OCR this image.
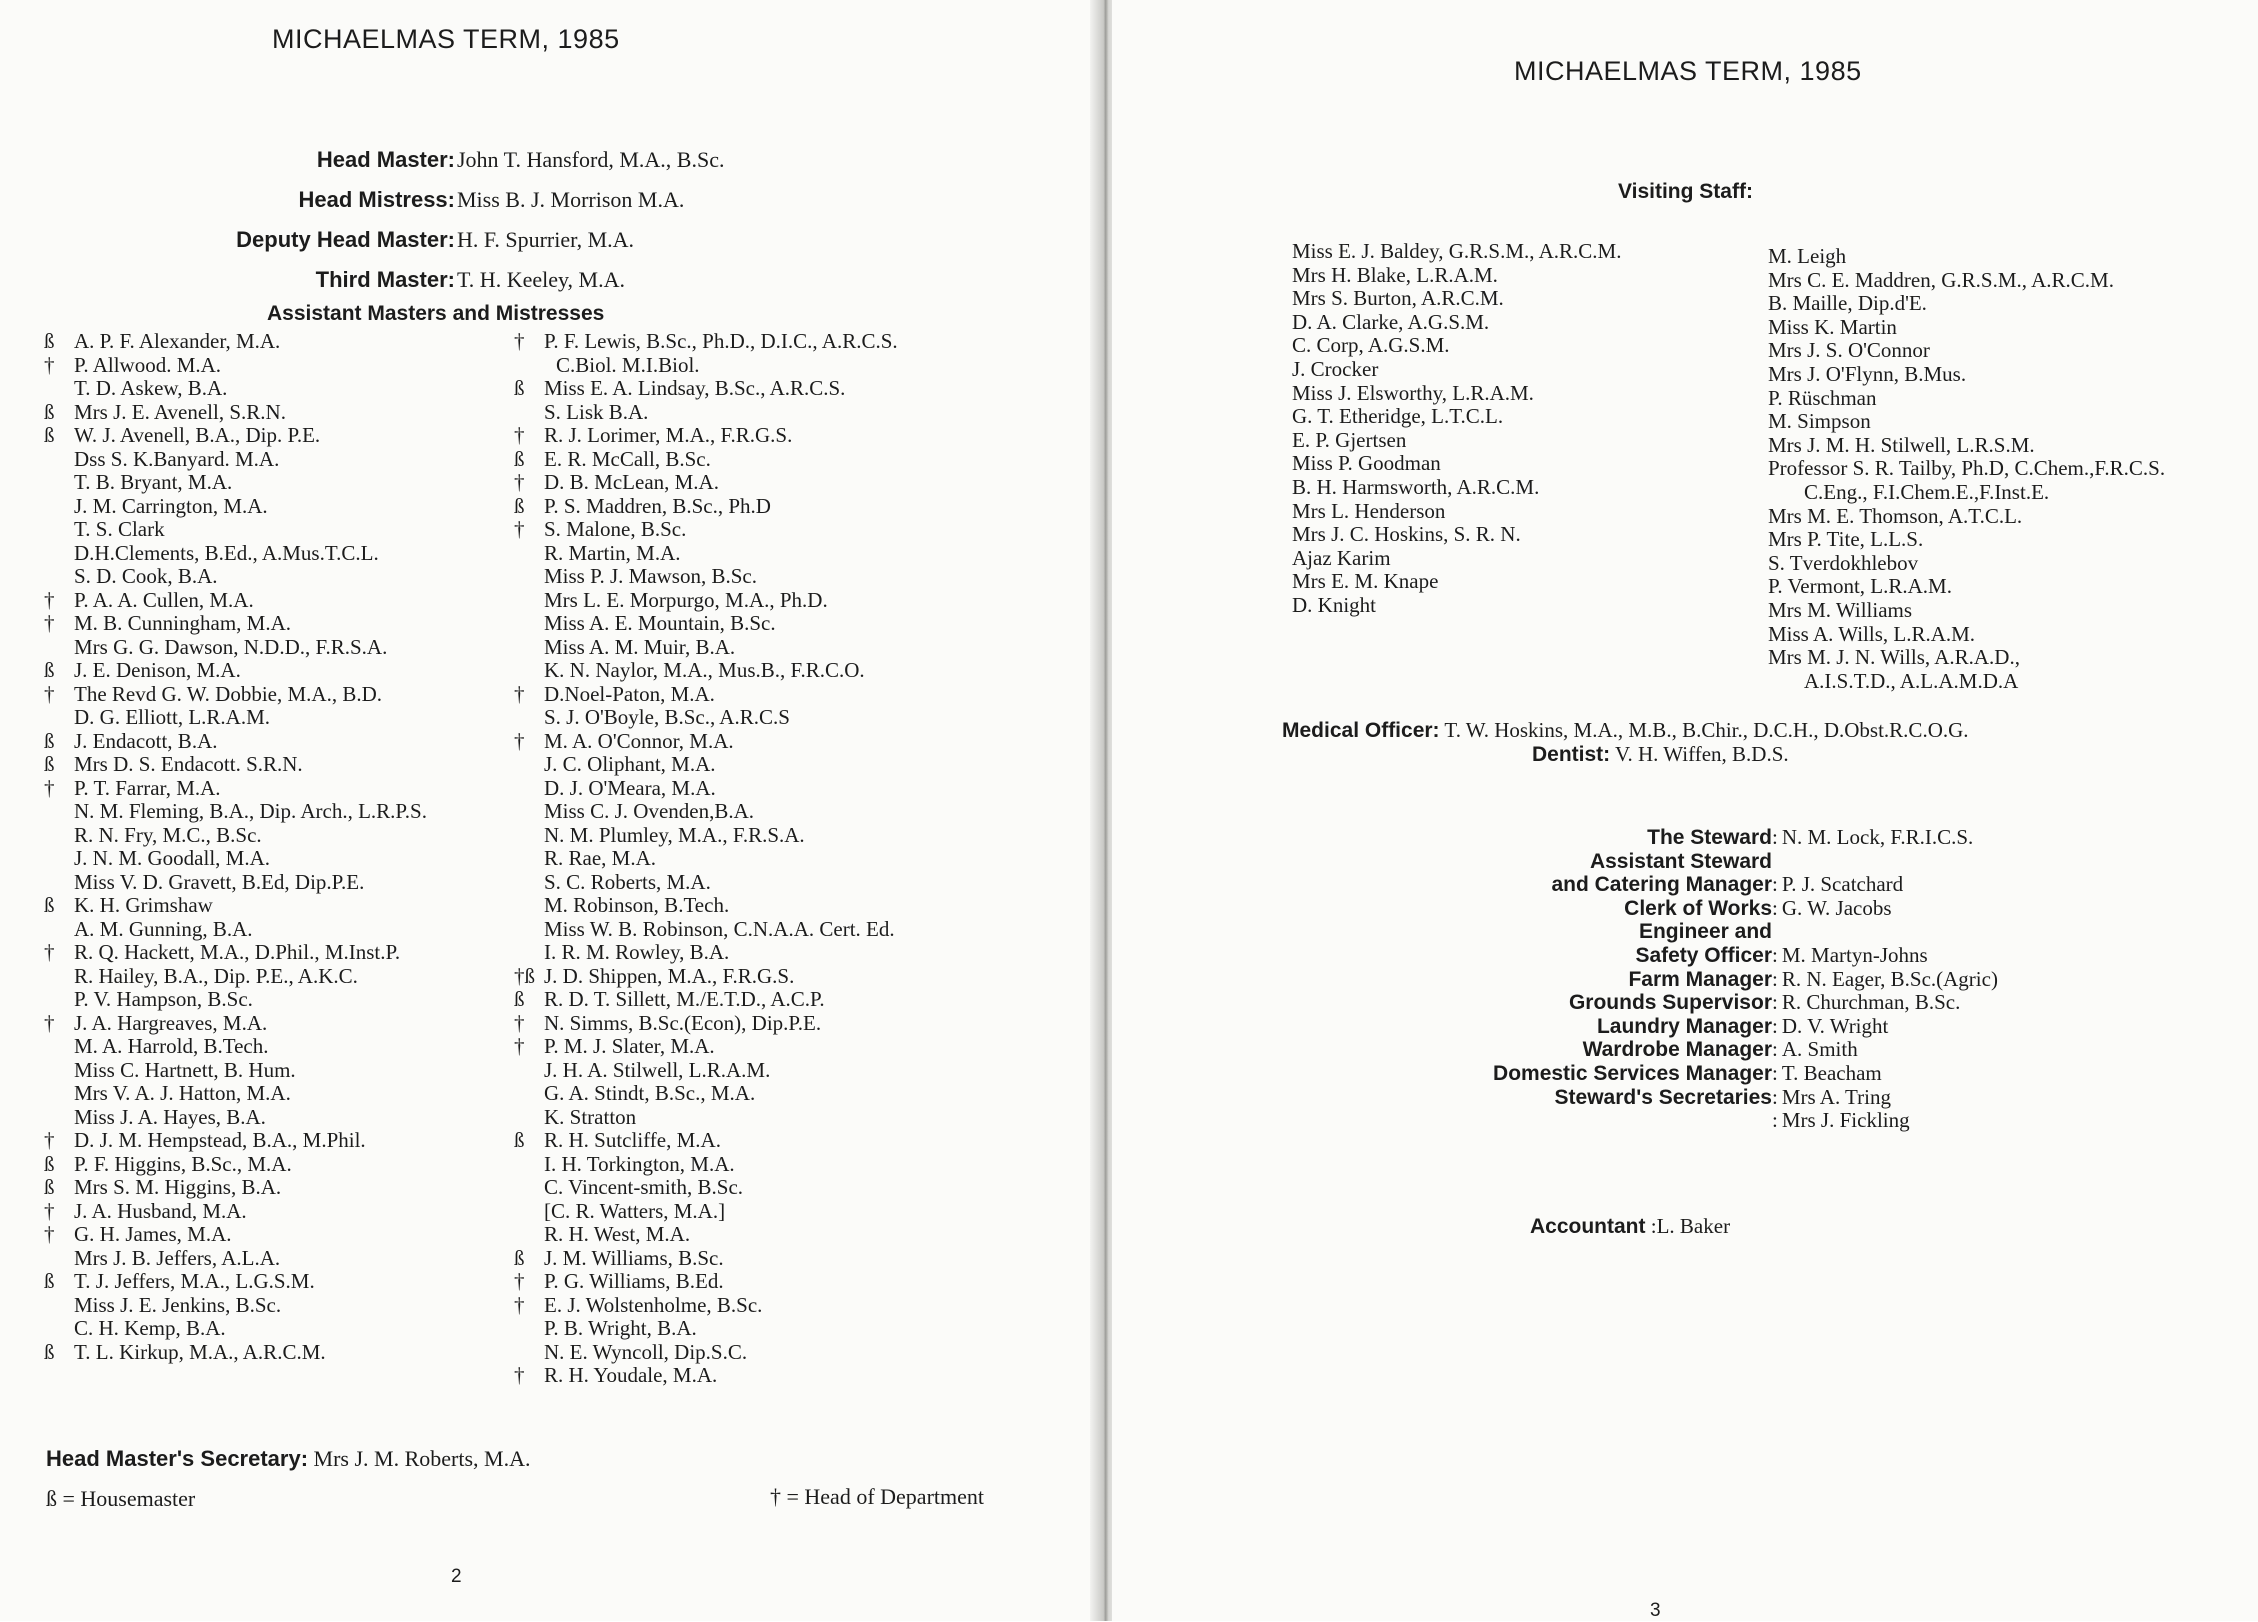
MICHAELMAS TERM, 1985
Head Master: John T. Hansford, M.A., B.Sc.
Head Mistress: Miss B. J. Morrison M.A.
Deputy Head Master: H. F. Spurrier, M.A.
Third Master: T. H. Keeley, M.A.
Assistant Masters and Mistresses
ß A. P. F. Alexander, M.A.
† P. Allwood. M.A.
T. D. Askew, B.A.
ß Mrs J. E. Avenell, S.R.N.
ß W. J. Avenell, B.A., Dip. P.E.
Dss S. K.Banyard. M.A.
T. B. Bryant, M.A.
J. M. Carrington, M.A.
T. S. Clark
D.H.Clements, B.Ed., A.Mus.T.C.L.
S. D. Cook, B.A.
† P. A. A. Cullen, M.A.
† M. B. Cunningham, M.A.
Mrs G. G. Dawson, N.D.D., F.R.S.A.
ß J. E. Denison, M.A.
† The Revd G. W. Dobbie, M.A., B.D.
D. G. Elliott, L.R.A.M.
ß J. Endacott, B.A.
ß Mrs D. S. Endacott. S.R.N.
† P. T. Farrar, M.A.
N. M. Fleming, B.A., Dip. Arch., L.R.P.S.
R. N. Fry, M.C., B.Sc.
J. N. M. Goodall, M.A.
Miss V. D. Gravett, B.Ed, Dip.P.E.
ß K. H. Grimshaw
A. M. Gunning, B.A.
† R. Q. Hackett, M.A., D.Phil., M.Inst.P.
R. Hailey, B.A., Dip. P.E., A.K.C.
P. V. Hampson, B.Sc.
† J. A. Hargreaves, M.A.
M. A. Harrold, B.Tech.
Miss C. Hartnett, B. Hum.
Mrs V. A. J. Hatton, M.A.
Miss J. A. Hayes, B.A.
† D. J. M. Hempstead, B.A., M.Phil.
ß P. F. Higgins, B.Sc., M.A.
ß Mrs S. M. Higgins, B.A.
† J. A. Husband, M.A.
† G. H. James, M.A.
Mrs J. B. Jeffers, A.L.A.
ß T. J. Jeffers, M.A., L.G.S.M.
Miss J. E. Jenkins, B.Sc.
C. H. Kemp, B.A.
ß T. L. Kirkup, M.A., A.R.C.M.
† P. F. Lewis, B.Sc., Ph.D., D.I.C., A.R.C.S.
C.Biol. M.I.Biol.
ß Miss E. A. Lindsay, B.Sc., A.R.C.S.
S. Lisk B.A.
† R. J. Lorimer, M.A., F.R.G.S.
ß E. R. McCall, B.Sc.
† D. B. McLean, M.A.
ß P. S. Maddren, B.Sc., Ph.D
† S. Malone, B.Sc.
R. Martin, M.A.
Miss P. J. Mawson, B.Sc.
Mrs L. E. Morpurgo, M.A., Ph.D.
Miss A. E. Mountain, B.Sc.
Miss A. M. Muir, B.A.
K. N. Naylor, M.A., Mus.B., F.R.C.O.
† D.Noel-Paton, M.A.
S. J. O'Boyle, B.Sc., A.R.C.S
† M. A. O'Connor, M.A.
J. C. Oliphant, M.A.
D. J. O'Meara, M.A.
Miss C. J. Ovenden,B.A.
N. M. Plumley, M.A., F.R.S.A.
R. Rae, M.A.
S. C. Roberts, M.A.
M. Robinson, B.Tech.
Miss W. B. Robinson, C.N.A.A. Cert. Ed.
I. R. M. Rowley, B.A.
†ß J. D. Shippen, M.A., F.R.G.S.
ß R. D. T. Sillett, M./E.T.D., A.C.P.
† N. Simms, B.Sc.(Econ), Dip.P.E.
† P. M. J. Slater, M.A.
J. H. A. Stilwell, L.R.A.M.
G. A. Stindt, B.Sc., M.A.
K. Stratton
ß R. H. Sutcliffe, M.A.
I. H. Torkington, M.A.
C. Vincent-smith, B.Sc.
[C. R. Watters, M.A.]
R. H. West, M.A.
ß J. M. Williams, B.Sc.
† P. G. Williams, B.Ed.
† E. J. Wolstenholme, B.Sc.
P. B. Wright, B.A.
N. E. Wyncoll, Dip.S.C.
† R. H. Youdale, M.A.
Head Master's Secretary: Mrs J. M. Roberts, M.A.
ß = Housemaster	† = Head of Department
2
MICHAELMAS TERM, 1985
Visiting Staff:
Miss E. J. Baldey, G.R.S.M., A.R.C.M.
Mrs H. Blake, L.R.A.M.
Mrs S. Burton, A.R.C.M.
D. A. Clarke, A.G.S.M.
C. Corp, A.G.S.M.
J. Crocker
Miss J. Elsworthy, L.R.A.M.
G. T. Etheridge, L.T.C.L.
E. P. Gjertsen
Miss P. Goodman
B. H. Harmsworth, A.R.C.M.
Mrs L. Henderson
Mrs J. C. Hoskins, S. R. N.
Ajaz Karim
Mrs E. M. Knape
D. Knight
M. Leigh
Mrs C. E. Maddren, G.R.S.M., A.R.C.M.
B. Maille, Dip.d'E.
Miss K. Martin
Mrs J. S. O'Connor
Mrs J. O'Flynn, B.Mus.
P. Rüschman
M. Simpson
Mrs J. M. H. Stilwell, L.R.S.M.
Professor S. R. Tailby, Ph.D, C.Chem.,F.R.C.S.
C.Eng., F.I.Chem.E.,F.Inst.E.
Mrs M. E. Thomson, A.T.C.L.
Mrs P. Tite, L.L.S.
S. Tverdokhlebov
P. Vermont, L.R.A.M.
Mrs M. Williams
Miss A. Wills, L.R.A.M.
Mrs M. J. N. Wills, A.R.A.D.,
A.I.S.T.D., A.L.A.M.D.A
Medical Officer: T. W. Hoskins, M.A., M.B., B.Chir., D.C.H., D.Obst.R.C.O.G.
Dentist: V. H. Wiffen, B.D.S.
The Steward : N. M. Lock, F.R.I.C.S.
Assistant Steward
and Catering Manager : P. J. Scatchard
Clerk of Works : G. W. Jacobs
Engineer and
Safety Officer : M. Martyn-Johns
Farm Manager : R. N. Eager, B.Sc.(Agric)
Grounds Supervisor : R. Churchman, B.Sc.
Laundry Manager : D. V. Wright
Wardrobe Manager : A. Smith
Domestic Services Manager : T. Beacham
Steward's Secretaries : Mrs A. Tring
: Mrs J. Fickling
Accountant :L. Baker
3
